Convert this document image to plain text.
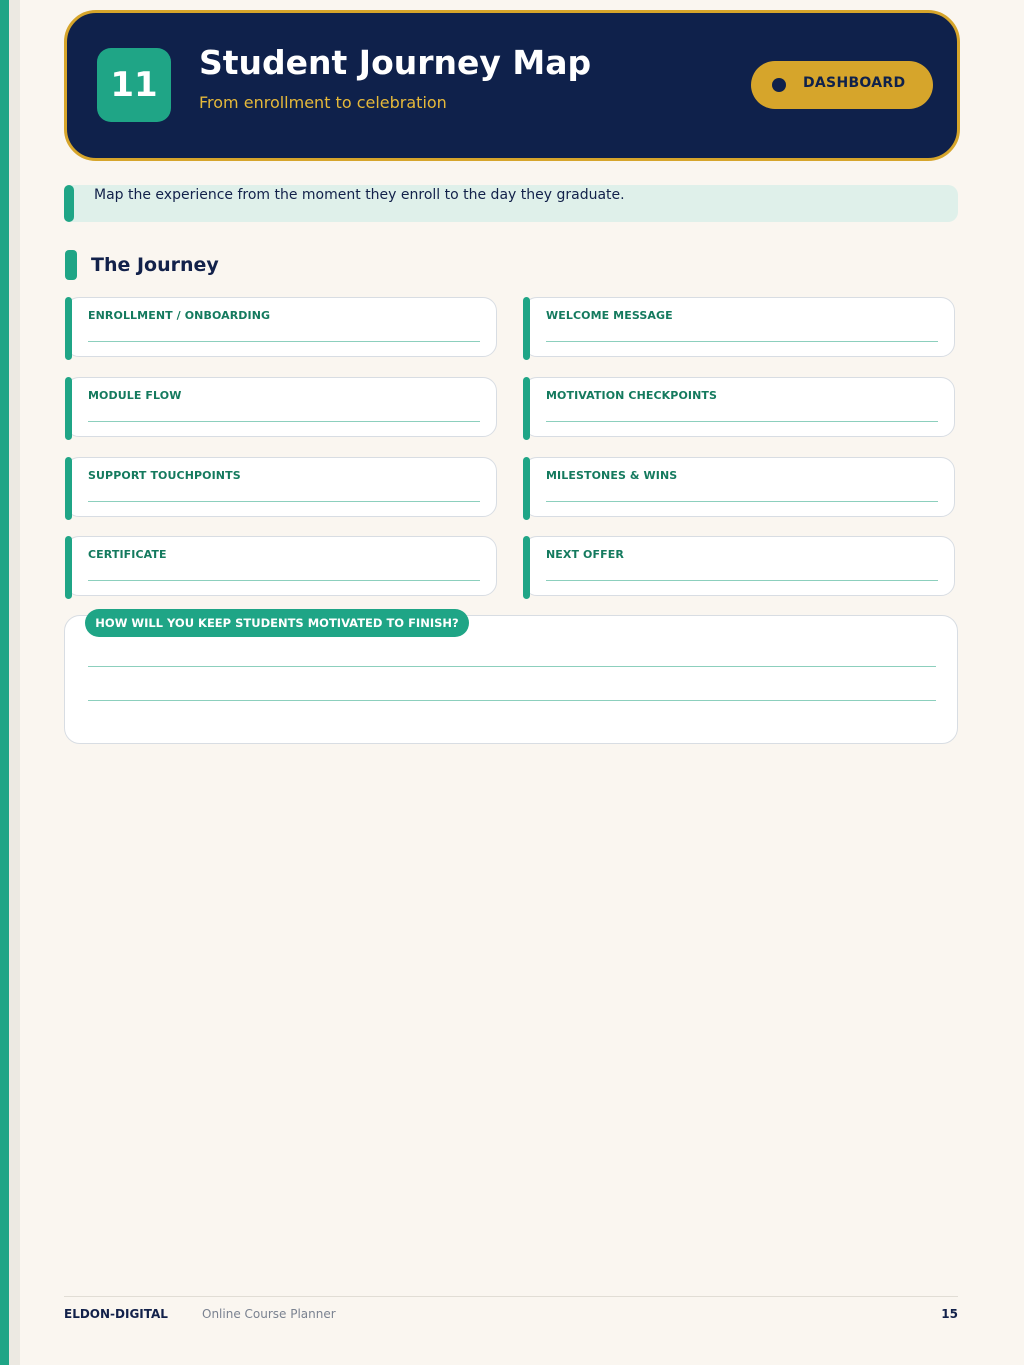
11
Student Journey Map
From enrollment to celebration
DASHBOARD
Map the experience from the moment they enroll to the day they graduate.
The Journey
ENROLLMENT / ONBOARDING	WELCOME MESSAGE
MODULE FLOW	MOTIVATION CHECKPOINTS
SUPPORT TOUCHPOINTS	MILESTONES & WINS
CERTIFICATE	NEXT OFFER
HOW WILL YOU KEEP STUDENTS MOTIVATED TO FINISH?
ELDON-DIGITAL	Online Course Planner	15
